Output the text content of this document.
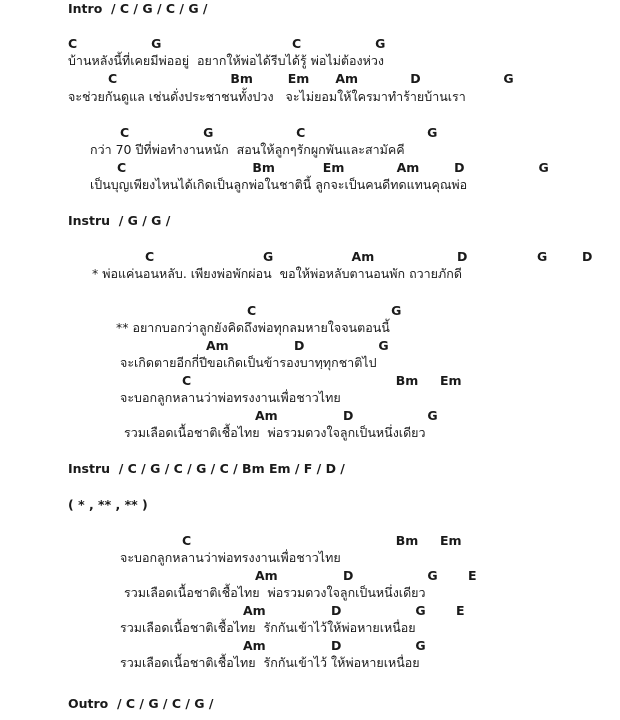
Intro  / C / G / C / G /
C                 G                              C                 G
บ้านหลังนี้ที่เคยมีพ่ออยู่  อยากให้พ่อได้รีบได้รู้ พ่อไม่ต้องห่วง
C                          Bm        Em      Am            D                   G
จะช่วยกันดูแล เช่นดั่งประชาชนทั้งปวง   จะไม่ยอมให้ใครมาทำร้ายบ้านเรา
C                 G                   C                            G
กว่า 70 ปีที่พ่อทำงานหนัก  สอนให้ลูกๆรักผูกพันและสามัคคี
C                             Bm           Em            Am        D                 G
เป็นบุญเพียงไหนได้เกิดเป็นลูกพ่อในชาตินี้ ลูกจะเป็นคนดีทดแทนคุณพ่อ
Instru  / G / G /
C                         G                  Am                   D                G        D
* พ่อแค่นอนหลับ. เพียงพ่อพักผ่อน  ขอให้พ่อหลับตานอนพัก ถวายภักดี
C                               G
** อยากบอกว่าลูกยังคิดถึงพ่อทุกลมหายใจจนตอนนี้
Am               D                 G
จะเกิดตายอีกกี่ปีขอเกิดเป็นข้ารองบาทฺทุกชาติไป
C                                               Bm     Em
จะบอกลูกหลานว่าพ่อทรงงานเพื่อชาวไทย
Am               D                 G
รวมเลือดเนื้อชาติเชื้อไทย  พ่อรวมดวงใจลูกเป็นหนึ่งเดียว
Instru  / C / G / C / G / C / Bm Em / F / D /
( * , ** , ** )
C                                               Bm     Em
จะบอกลูกหลานว่าพ่อทรงงานเพื่อชาวไทย
Am               D                 G       E
รวมเลือดเนื้อชาติเชื้อไทย  พ่อรวมดวงใจลูกเป็นหนึ่งเดียว
Am               D                 G       E
รวมเลือดเนื้อชาติเชื้อไทย  รักกันเข้าไว้ให้พ่อหายเหนื่อย
Am               D                 G
รวมเลือดเนื้อชาติเชื้อไทย  รักกันเข้าไว้ ให้พ่อหายเหนื่อย
Outro  / C / G / C / G /
